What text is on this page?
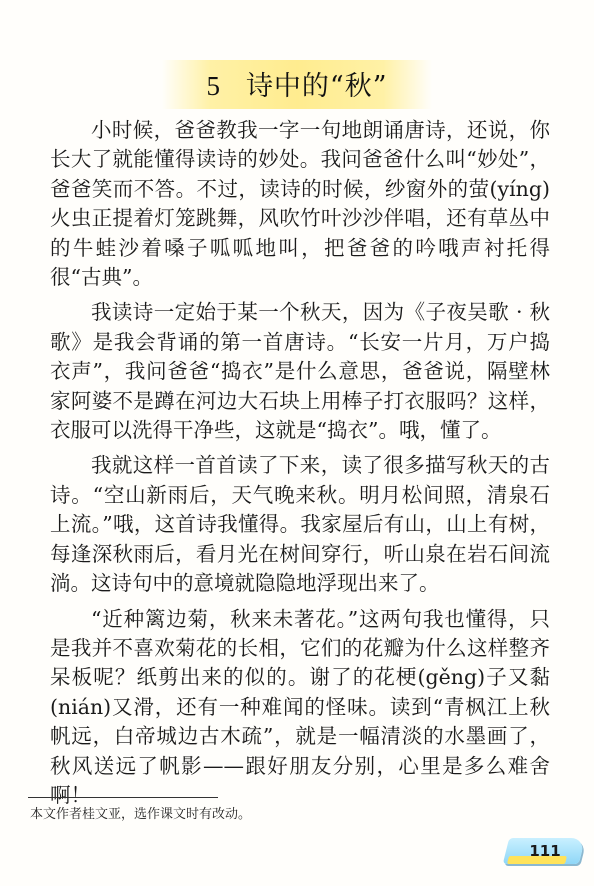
5 诗中的“秋”

小时候，爸爸教我一字一句地朗诵唐诗，还说，你长大了就能懂得读诗的妙处。我问爸爸什么叫“妙处”，爸爸笑而不答。不过，读诗的时候，纱窗外的萤(yíng)火虫正提着灯笼跳舞，风吹竹叶沙沙伴唱，还有草丛中的牛蛙沙着嗓子呱呱地叫，把爸爸的吟哦声衬托得很“古典”。

我读诗一定始于某一个秋天，因为《子夜吴歌 · 秋歌》是我会背诵的第一首唐诗。“长安一片月，万户捣衣声”，我问爸爸“捣衣”是什么意思，爸爸说，隔壁林家阿婆不是蹲在河边大石块上用棒子打衣服吗？这样，衣服可以洗得干净些，这就是“捣衣”。哦，懂了。

我就这样一首首读了下来，读了很多描写秋天的古诗。“空山新雨后，天气晚来秋。明月松间照，清泉石上流。”哦，这首诗我懂得。我家屋后有山，山上有树，每逢深秋雨后，看月光在树间穿行，听山泉在岩石间流淌。这诗句中的意境就隐隐地浮现出来了。

“近种篱边菊，秋来未著花。”这两句我也懂得，只是我并不喜欢菊花的长相，它们的花瓣为什么这样整齐呆板呢？纸剪出来的似的。谢了的花梗(gěng)子又黏(nián)又滑，还有一种难闻的怪味。读到“青枫江上秋帆远，白帝城边古木疏”，就是一幅清淡的水墨画了，秋风送远了帆影——跟好朋友分别，心里是多么难舍啊！

本文作者桂文亚，选作课文时有改动。
111
